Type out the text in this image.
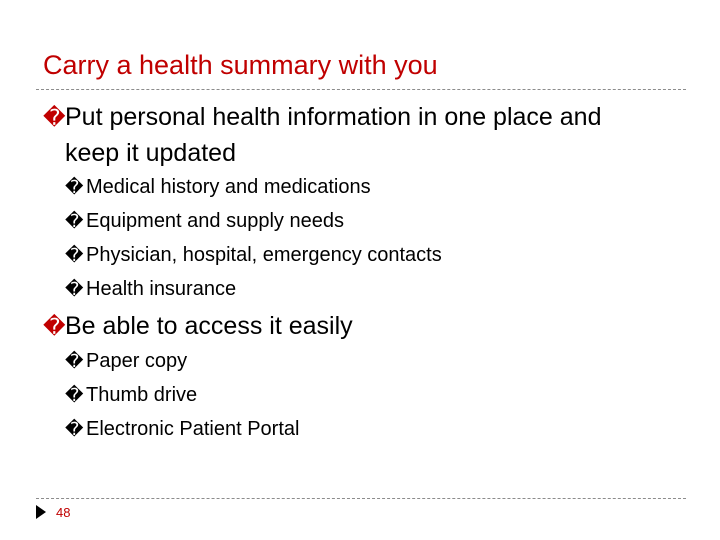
Carry a health summary with you
�Put personal health information in one place and
keep it updated
� Medical history and medications
� Equipment and supply needs
� Physician, hospital, emergency contacts
� Health insurance
�Be able to access it easily
� Paper copy
� Thumb drive
� Electronic Patient Portal
48
